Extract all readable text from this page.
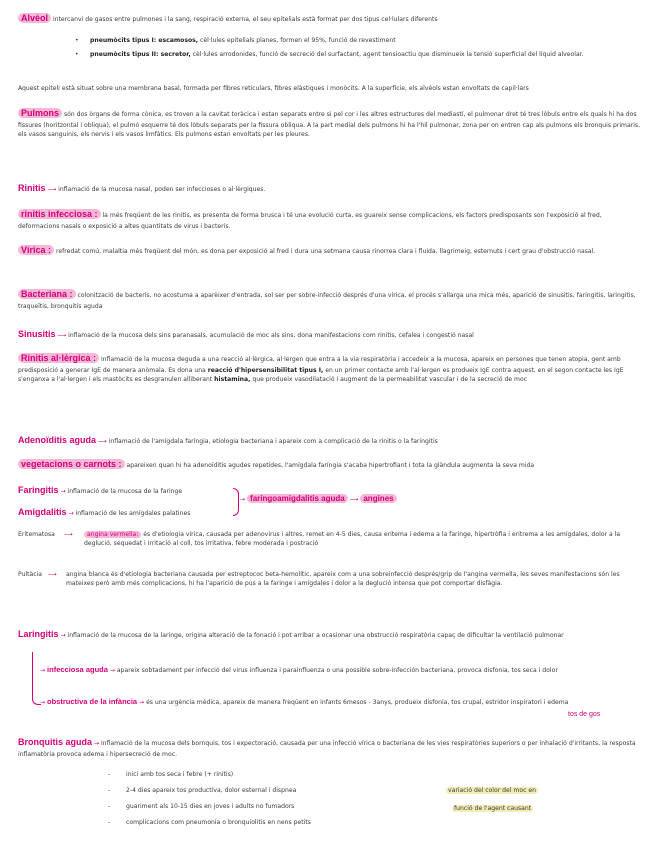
Alvèol intercanvi de gasos entre pulmones i la sang, respiració externa, el seu epitelials està format per dos tipus cel·lulars diferents
• pneumòcits tipus I: escamosos, cèl·lules epitelials planes, formen el 95%, funció de revestiment
• pneumòcits tipus II: secretor, cèl·lules arrodonides, funció de secreció del surfactant, agent tensioactiu que disminueix la tensió superficial del líquid alveolar.
Aquest epiteli està situat sobre una membrana basal, formada per fibres reticulars, fibres elàstiques i monòcits. A la superfície, els alvèols estan envoltats de capil·lars
Pulmons són dos òrgans de forma cònica, es troven a la cavitat toràcica i estan separats entre si pel cor i les altres estructures del mediastí, el pulmonar dret té tres lòbuls entre els quals hi ha dos fissures (horitzontal i obliqua), el pulmó esquerre té dos lòbuls separats per la fissura obliqua. A la part medial dels pulmons hi ha l'hil pulmonar, zona per on entren cap als pulmons els bronquis primaris, els vasos sanguinis, els nervis i els vasos limfàtics. Els pulmons estan envoltats per les pleures.
Rinitis ⟶ inflamació de la mucosa nasal, poden ser infeccioses o al·lèrgiques.
rinitis infecciosa : la més freqüent de les rinitis, es presenta de forma brusca i té una evolució curta, es guareix sense complicacions, els factors predisposants son l'exposició al fred, deformacions nasals o exposició a altes quantitats de virus i bacteris.
Vírica : refredat comú, malaltia més freqüent del món, es dona per exposició al fred i dura una setmana causa rinorrea clara i fluida, llagrimeig, esternuts i cert grau d'obstrucció nasal.
Bacteriana : colonització de bacteris, no acostuma a aparèixer d'entrada, sol ser per sobre-infecció després d'una vírica, el procés s'allarga una mica més, aparició de sinusitis, faringitis, laringitis, traqueïtis, bronquitis aguda
Sinusitis ⟶ inflamació de la mucosa dels sins paranasals, acumulació de moc als sins, dona manifestacions com rinitis, cefalea i congestió nasal
Rinitis al·lèrgica : inflamació de la mucosa deguda a una reacció al·lèrgica, al·lergen que entra a la via respiratòria i accedeix a la mucosa, apareix en persones que tenen atopia, gent amb predisposició a generar IgE de manera anòmala. Es dona una reacció d'hipersensibilitat tipus I, en un primer contacte amb l'al·lergen es produeix IgE contra aquest, en el segon contacte les IgE s'enganxa a l'al·lergen i els mastòcits es desgranulen alliberant histamina, que produeix vasodilatació i augment de la permeabilitat vascular i de la secreció de moc
Adenoïditis aguda ⟶ inflamació de l'amígdala faríngia, etiologia bacteriana i apareix com a complicació de la rinitis o la faringitis
vegetacions o carnots : apareixen quan hi ha adenoïditis agudes repetides, l'amígdala faríngia s'acaba hipertrofiant i tota la glàndula augmenta la seva mida
Faringitis → inflamació de la mucosa de la faringe
Amigdalitis → inflamació de les amígdales palatines
→ faringoamigdalitis aguda ⟶ angines
Eritematosa	⟶	angina vermella: és d'etiologia vírica, causada per adenovirus i altres, remet en 4-5 dies, causa eritema i edema a la faringe, hipertròfia i eritrema a les amígdales, dolor a la deglució, sequedat i irritació al coll, tos irritativa, febre moderada i postració
Pultàcia ⟶ angina blanca és d'etiologia bacteriana causada per estreptococ beta-hemolític, apareix com a una sobreinfecció després/grip de l'angina vermella, les seves manifestacions són les mateixes però amb més complicacions, hi ha l'aparició de pus a la faringe i amígdales i dolor a la deglució intensa que pot comportar disfàgia.
Laringitis → inflamació de la mucosa de la laringe, origina alteració de la fonació i pot arribar a ocasionar una obstrucció respiratòria capaç de dificultar la ventilació pulmonar
→ infecciosa aguda → apareix sobtadament per infecció del virus influenza i parainfluenza o una possible sobre-infección bacteriana, provoca disfonia, tos seca i dolor
→ obstructiva de la infància → és una urgència mèdica, apareix de manera freqüent en infants 6mesos - 3anys, produeix disfonia, tos crupal, estridor inspiratori i edema
tos de gos
Bronquitis aguda → inflamació de la mucosa dels bornquis, tos i expectoració, causada per una infecció vírica o bacteriana de les vies respiratòries superiors o per inhalació d'irritants, la resposta inflamatòria provoca edema i hipersecreció de moc.
-	inici amb tos seca i febre (+ rinitis)
-	2-4 dies apareix tos productiva, dolor esternal i dispnea
-	guariment als 10-15 dies en joves i adults no fumadors
-	complicacions com pneumonia o bronquiolitis en nens petits
variació del color del moc en
funció de l'agent causant
